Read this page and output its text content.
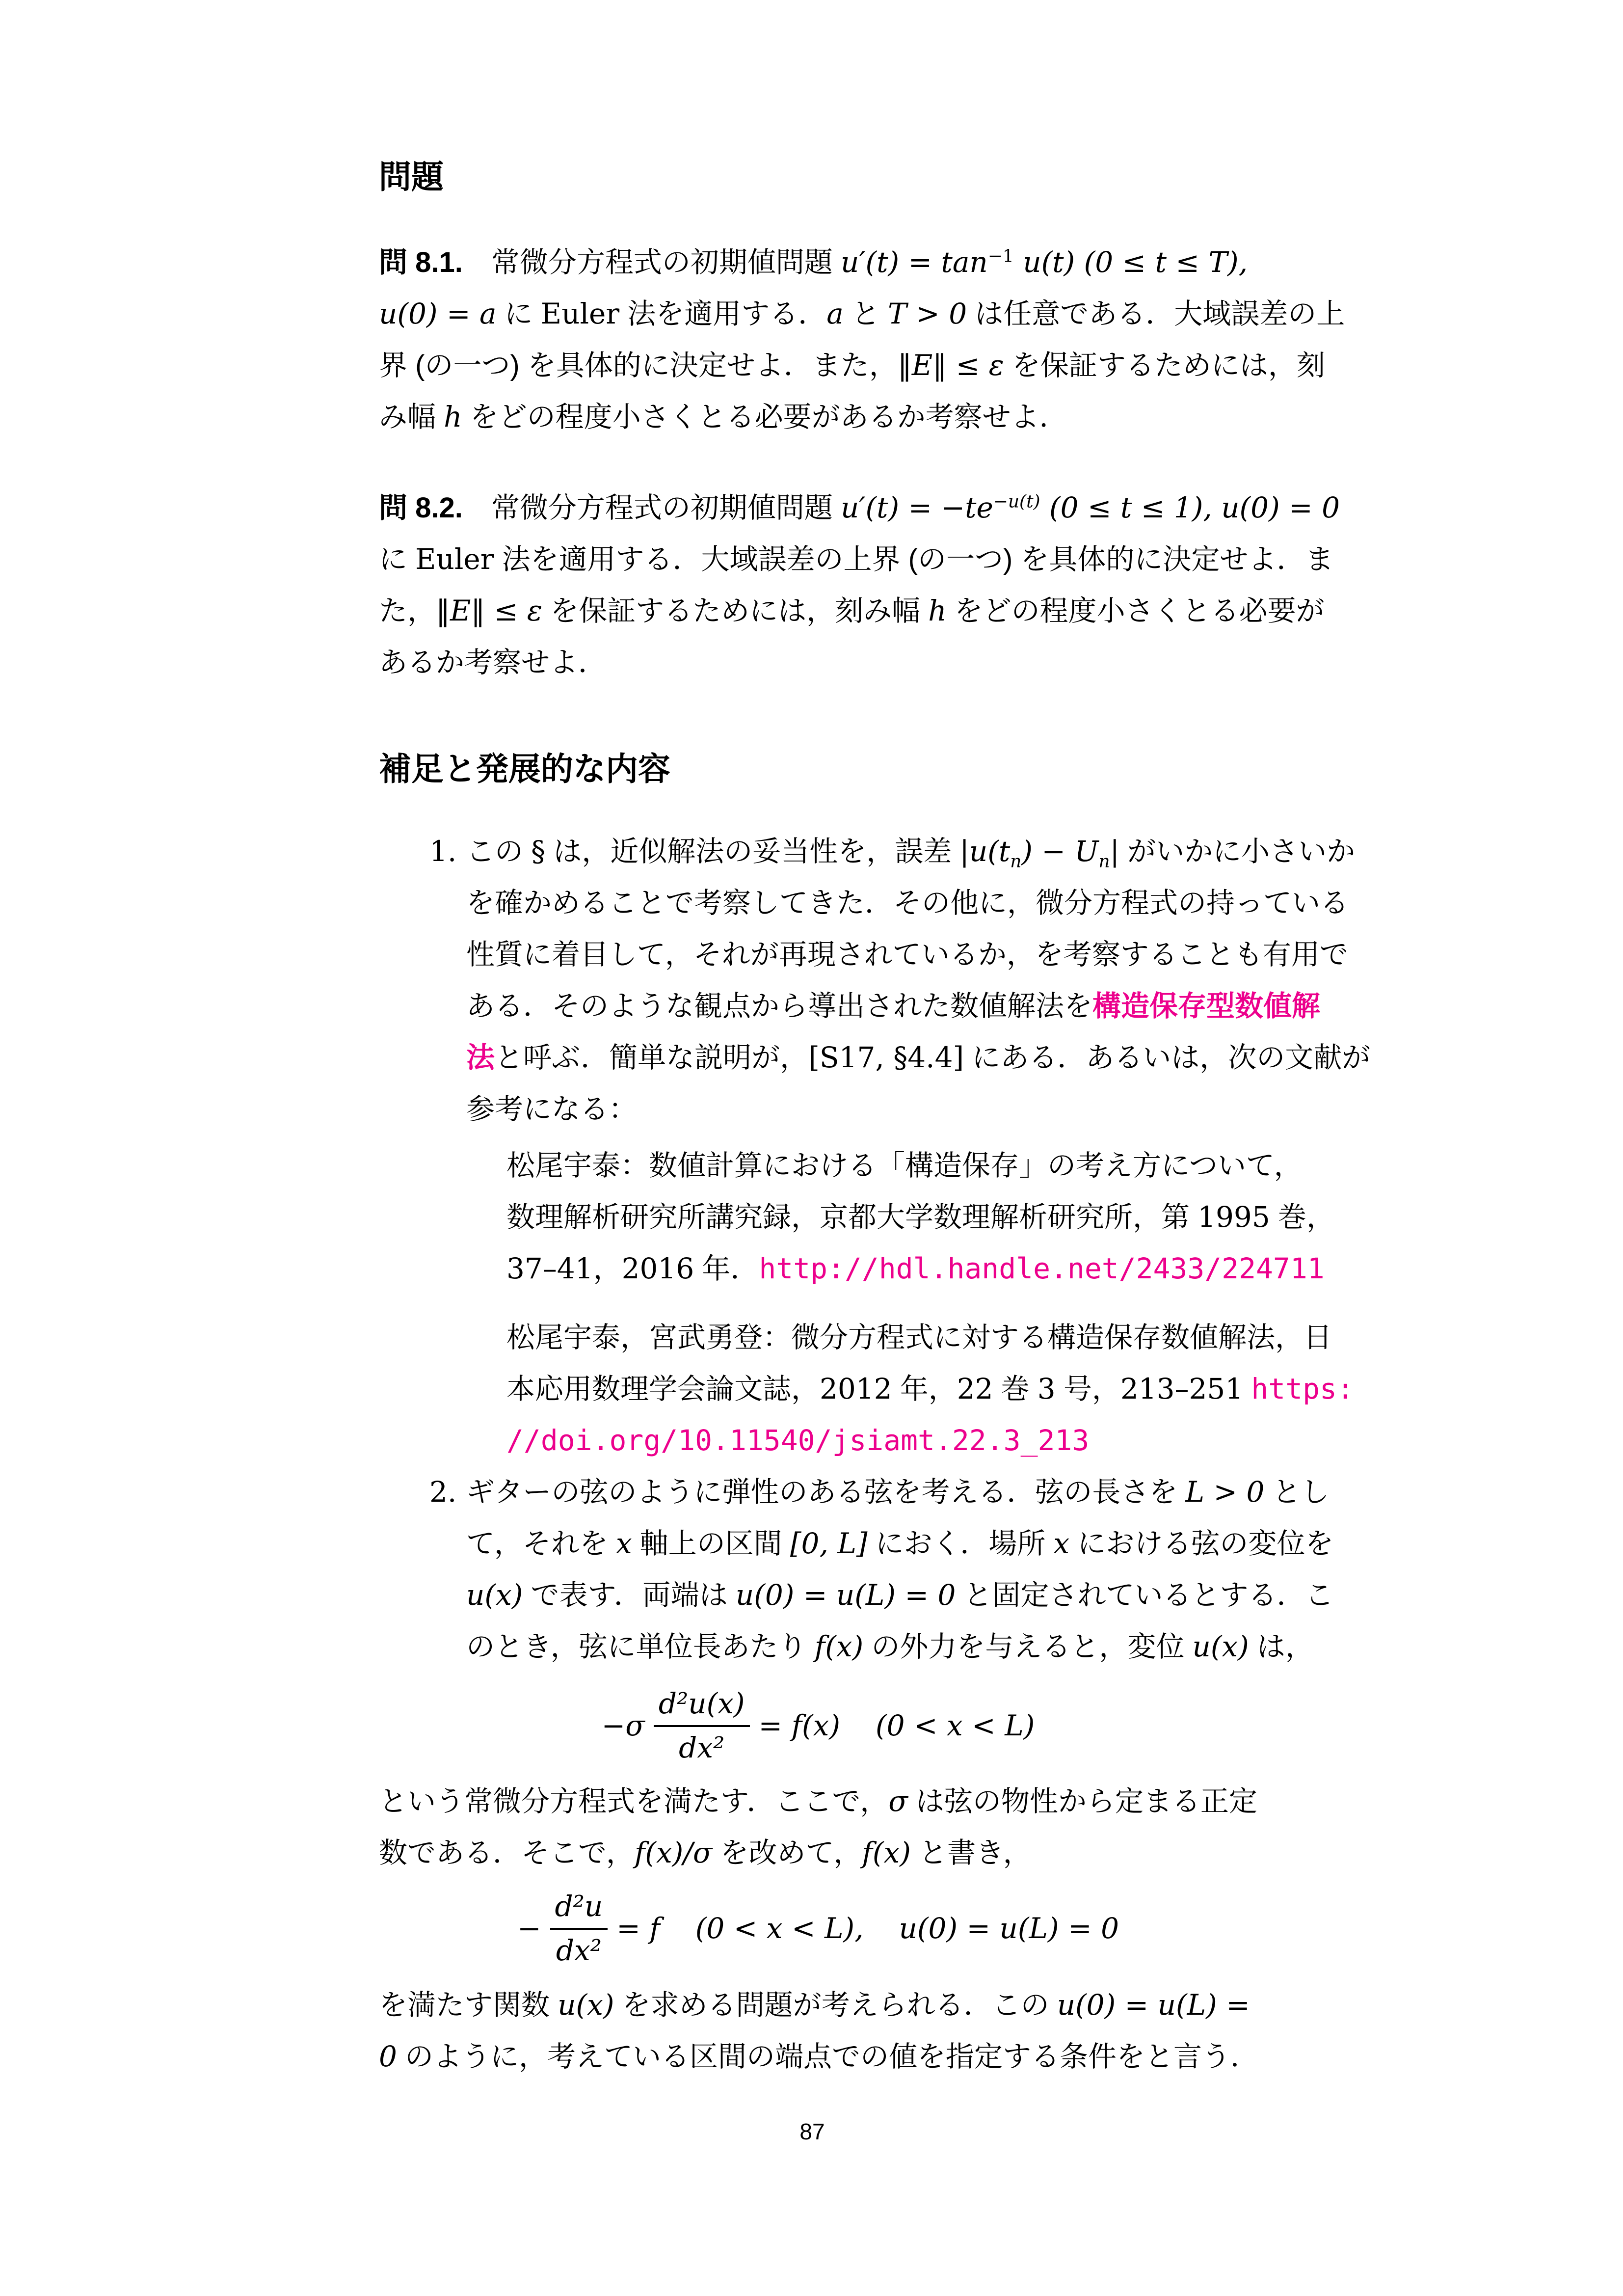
問題
問 8.1.　常微分方程式の初期値問題 $u'(t) = \tan^{-1} u(t) (0 \le t \le T)$,
u(0) = a に Euler 法を適用する．a と T > 0 は任意である．大域誤差の上
界 (の一つ) を具体的に決定せよ．また，‖E‖ ≤ ε を保証するためには，刻
み幅 h をどの程度小さくとる必要があるか考察せよ．
問 8.2.　常微分方程式の初期値問題 $u'(t) = -te^{-u(t)}$ (0 ≤ t ≤ 1), u(0) = 0
に Euler 法を適用する．大域誤差の上界 (の一つ) を具体的に決定せよ．ま
た，‖E‖ ≤ ε を保証するためには，刻み幅 h をどの程度小さくとる必要が
あるか考察せよ．
補足と発展的な内容
1. この § は，近似解法の妥当性を，誤差 $|u(t_n) - U_n|$ がいかに小さいか
を確かめることで考察してきた．その他に，微分方程式の持っている
性質に着目して，それが再現されているか，を考察することも有用で
ある．そのような観点から導出された数値解法を構造保存型数値解
法と呼ぶ．簡単な説明が，[S17, §4.4] にある．あるいは，次の文献が
参考になる：
松尾宇泰：数値計算における「構造保存」の考え方について，
数理解析研究所講究録，京都大学数理解析研究所，第 1995 巻，
37–41，2016 年．http://hdl.handle.net/2433/224711
松尾宇泰，宮武勇登：微分方程式に対する構造保存数値解法，日
本応用数理学会論文誌，2012 年，22 巻 3 号，213–251 https:
//doi.org/10.11540/jsiamt.22.3_213
2. ギターの弦のように弾性のある弦を考える．弦の長さを L > 0 とし
て，それを x 軸上の区間 [0, L] におく．場所 x における弦の変位を
u(x) で表す．両端は u(0) = u(L) = 0 と固定されているとする．こ
のとき，弦に単位長あたり f(x) の外力を与えると，変位 u(x) は，
$-\sigma \frac{\text{d²u(x)}}{\text{dx²}} = f(x) (0 < x < L)$
という常微分方程式を満たす．ここで，σ は弦の物性から定まる正定
数である．そこで，f(x)/σ を改めて，f(x) と書き，
− $\frac{\text{d²u}}{\text{dx²}} = f$ (0 < x < L), u(0) = u(L) = 0
を満たす関数 u(x) を求める問題が考えられる．この u(0) = u(L) =
0 のように，考えている区間の端点での値を指定する条件をと言う．
87
